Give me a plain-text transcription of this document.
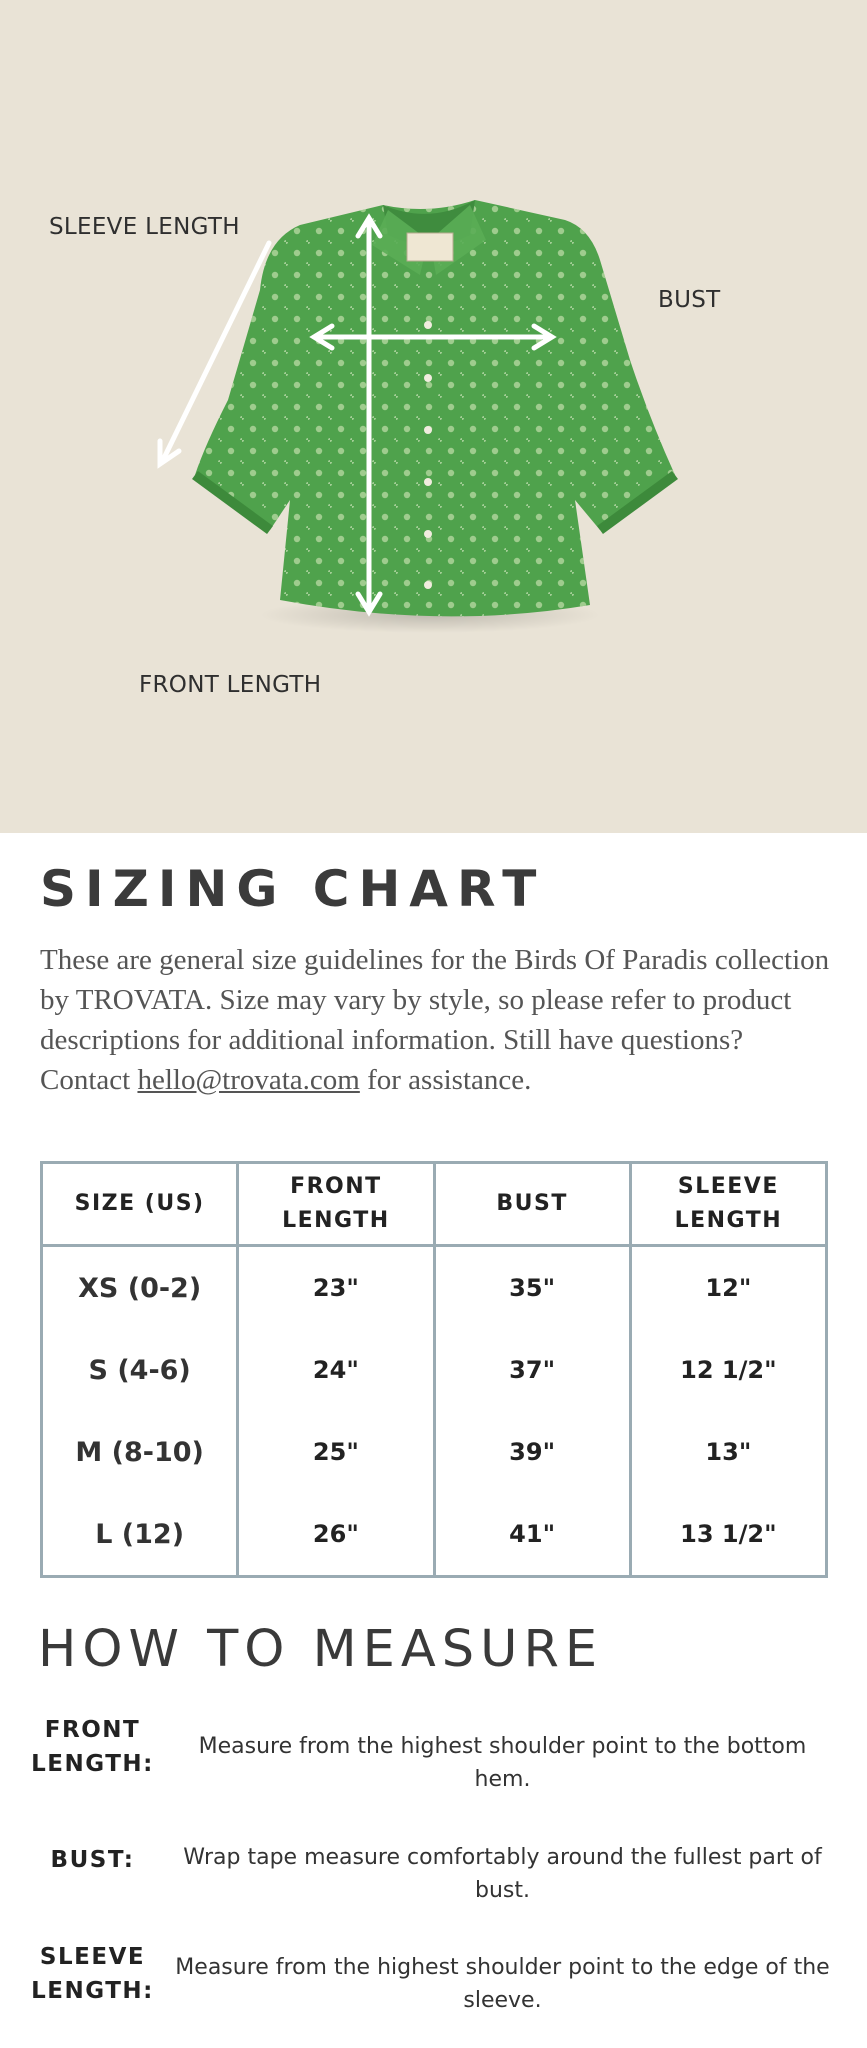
SLEEVE LENGTH
BUST
FRONT LENGTH
SIZING CHART

These are general size guidelines for the Birds Of Paradis collection by TROVATA. Size may vary by style, so please refer to product descriptions for additional information. Still have questions? Contact hello@trovata.com for assistance.

SIZE (US)	FRONT LENGTH	BUST	SLEEVE LENGTH
XS (0-2)	23"	35"	12"
S (4-6)	24"	37"	12 1/2"
M (8-10)	25"	39"	13"
L (12)	26"	41"	13 1/2"
HOW TO MEASURE
FRONT LENGTH:
Measure from the highest shoulder point to the bottom hem.
BUST:	Wrap tape measure comfortably around the fullest part of bust.
SLEEVE LENGTH:
Measure from the highest shoulder point to the edge of the sleeve.
